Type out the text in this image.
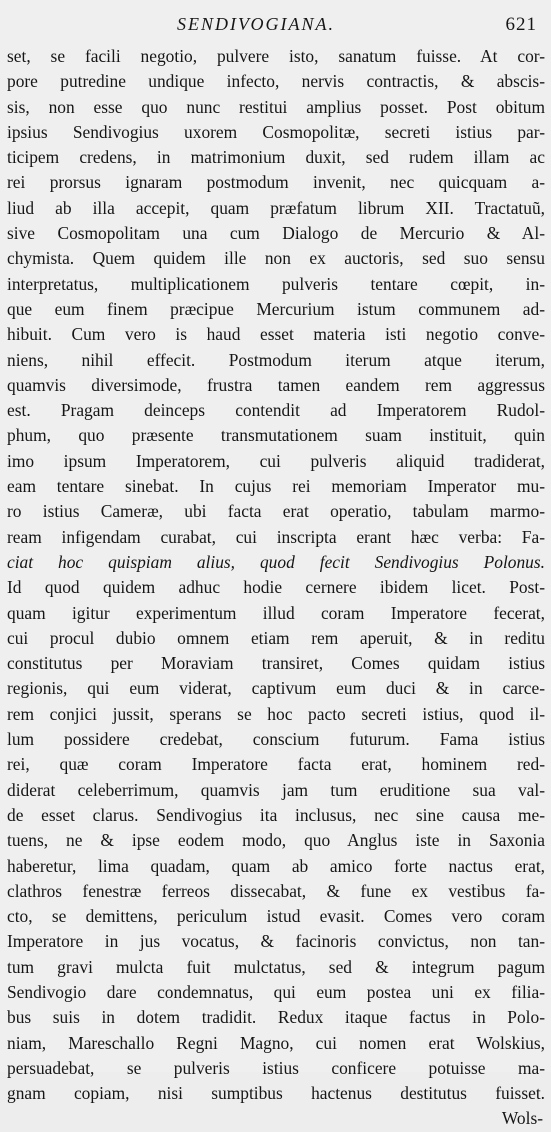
SENDIVOGIANA.	621
set, se facili negotio, pulvere isto, sanatum fuisse. At cor-
pore putredine undique infecto, nervis contractis, & abscis-
sis, non esse quo nunc restitui amplius posset. Post obitum
ipsius Sendivogius uxorem Cosmopolitæ, secreti istius par-
ticipem credens, in matrimonium duxit, sed rudem illam ac
rei prorsus ignaram postmodum invenit, nec quicquam a-
liud ab illa accepit, quam præfatum librum XII. Tractatuũ,
sive Cosmopolitam una cum Dialogo de Mercurio & Al-
chymista. Quem quidem ille non ex auctoris, sed suo sensu
interpretatus, multiplicationem pulveris tentare cœpit, in-
que eum finem præcipue Mercurium istum communem ad-
hibuit. Cum vero is haud esset materia isti negotio conve-
niens, nihil effecit. Postmodum iterum atque iterum,
quamvis diversimode, frustra tamen eandem rem aggressus
est. Pragam deinceps contendit ad Imperatorem Rudol-
phum, quo præsente transmutationem suam instituit, quin
imo ipsum Imperatorem, cui pulveris aliquid tradiderat,
eam tentare sinebat. In cujus rei memoriam Imperator mu-
ro istius Cameræ, ubi facta erat operatio, tabulam marmo-
ream infigendam curabat, cui inscripta erant hæc verba: Fa-
ciat hoc quispiam alius, quod fecit Sendivogius Polonus.
Id quod quidem adhuc hodie cernere ibidem licet. Post-
quam igitur experimentum illud coram Imperatore fecerat,
cui procul dubio omnem etiam rem aperuit, & in reditu
constitutus per Moraviam transiret, Comes quidam istius
regionis, qui eum viderat, captivum eum duci & in carce-
rem conjici jussit, sperans se hoc pacto secreti istius, quod il-
lum possidere credebat, conscium futurum. Fama istius
rei, quæ coram Imperatore facta erat, hominem red-
diderat celeberrimum, quamvis jam tum eruditione sua val-
de esset clarus. Sendivogius ita inclusus, nec sine causa me-
tuens, ne & ipse eodem modo, quo Anglus iste in Saxonia
haberetur, lima quadam, quam ab amico forte nactus erat,
clathros fenestræ ferreos dissecabat, & fune ex vestibus fa-
cto, se demittens, periculum istud evasit. Comes vero coram
Imperatore in jus vocatus, & facinoris convictus, non tan-
tum gravi mulcta fuit mulctatus, sed & integrum pagum
Sendivogio dare condemnatus, qui eum postea uni ex filia-
bus suis in dotem tradidit. Redux itaque factus in Polo-
niam, Mareschallo Regni Magno, cui nomen erat Wolskius,
persuadebat, se pulveris istius conficere potuisse ma-
gnam copiam, nisi sumptibus hactenus destitutus fuisset.
Wols-
